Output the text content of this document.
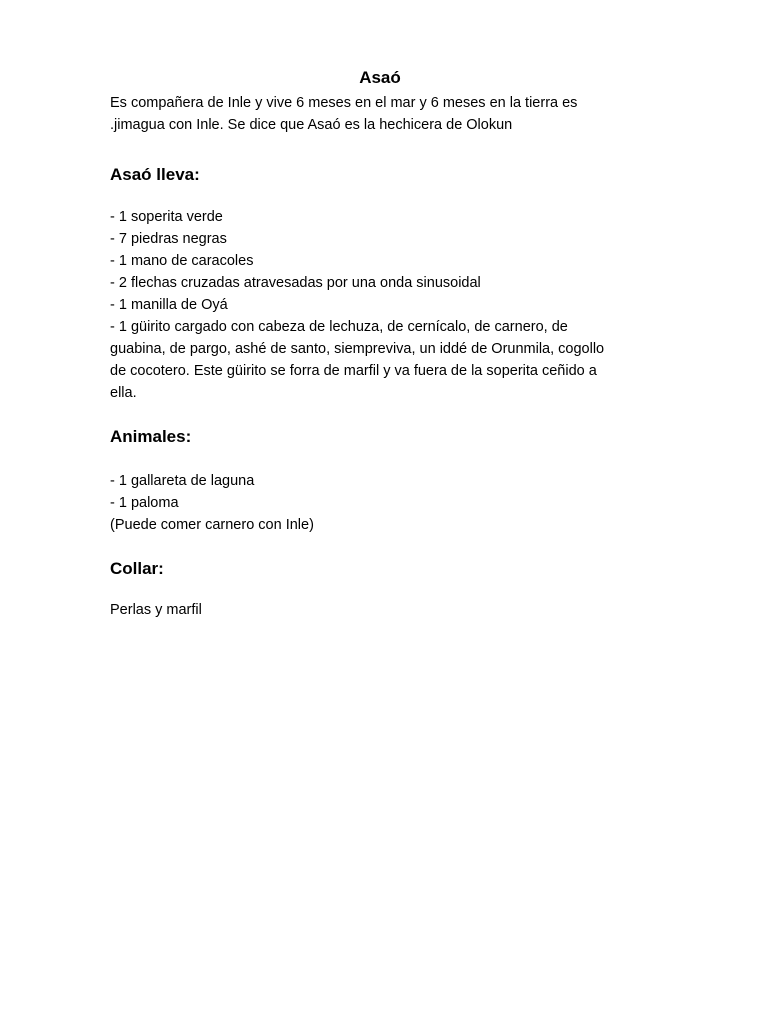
Asaó

Es compañera de Inle y vive 6 meses en el mar y 6 meses en la tierra es

.jimagua con Inle. Se dice que Asaó es la hechicera de Olokun

Asaó lleva:
- 1 soperita verde
- 7 piedras negras
- 1 mano de caracoles
- 2 flechas cruzadas atravesadas por una onda sinusoidal
- 1 manilla de Oyá
- 1 güirito cargado con cabeza de lechuza, de cernícalo, de carnero, de
guabina, de pargo, ashé de santo, siempreviva, un iddé de Orunmila, cogollo
de cocotero. Este güirito se forra de marfil y va fuera de la soperita ceñido a
ella.
Animales:
- 1 gallareta de laguna
- 1 paloma
(Puede comer carnero con Inle)
Collar:

Perlas y marfil
